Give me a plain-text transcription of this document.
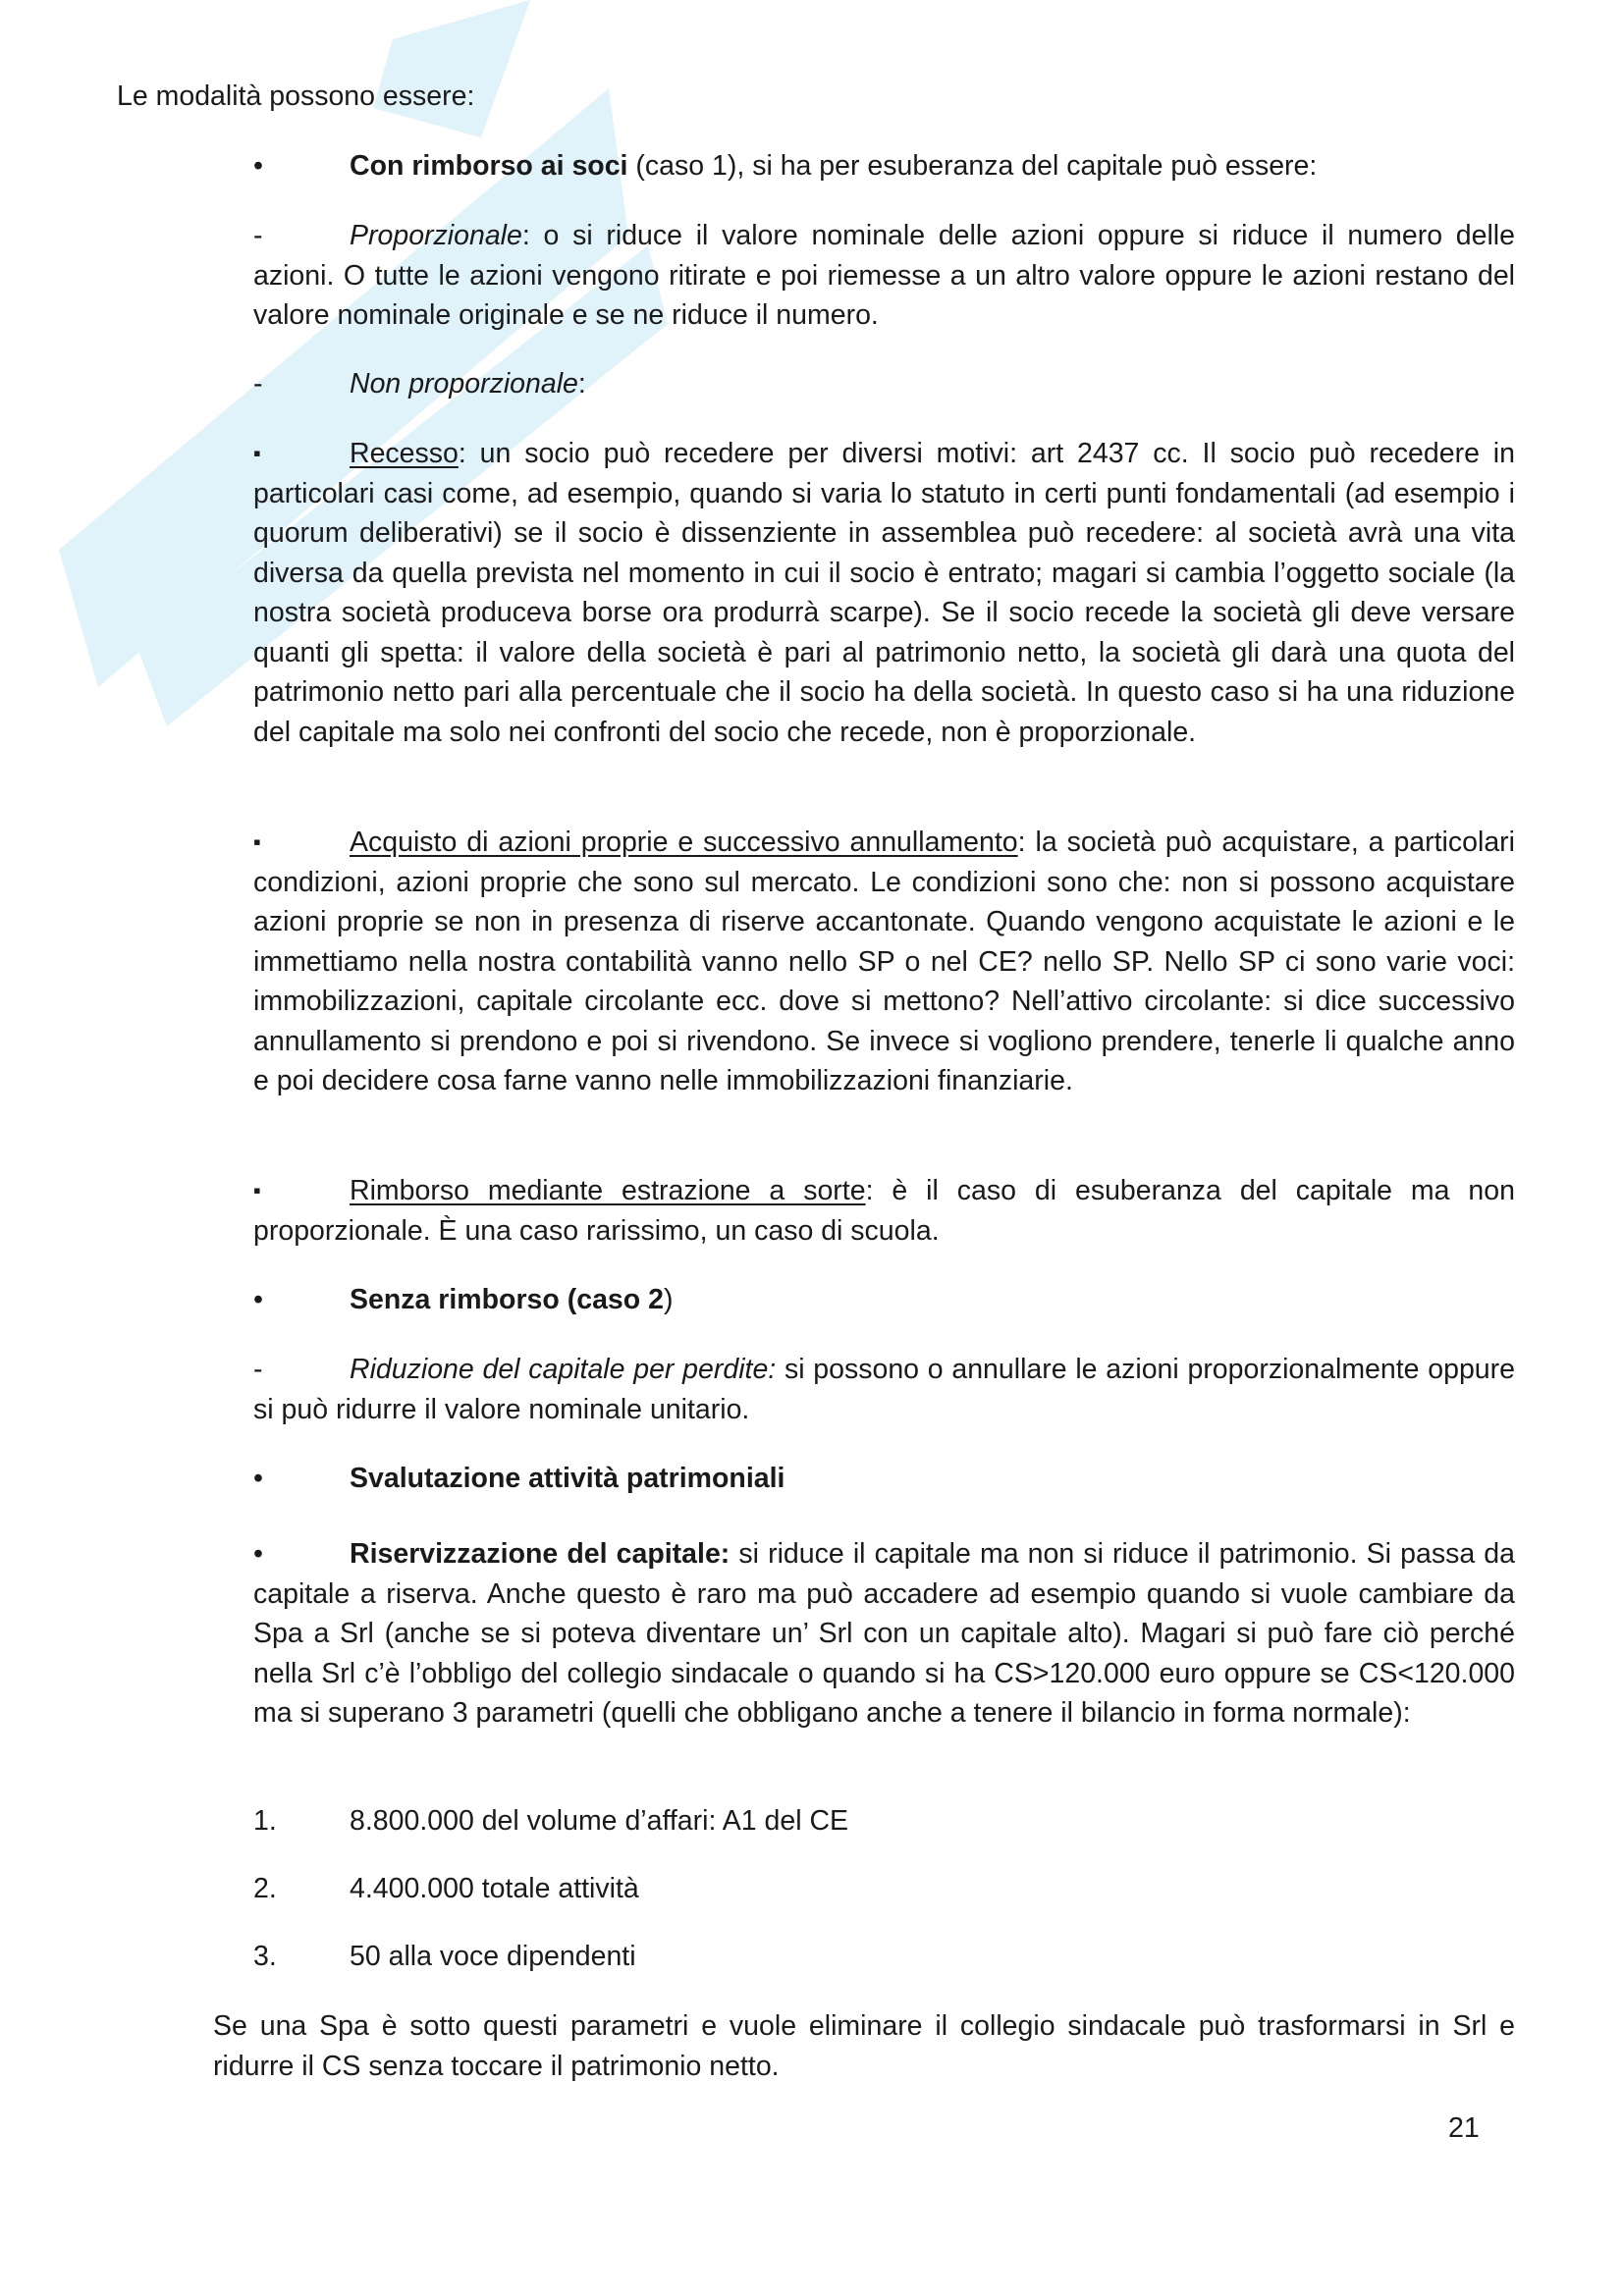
Le modalità possono essere:

•	Con rimborso ai soci (caso 1), si ha per esuberanza del capitale può essere:
-	Proporzionale: o si riduce il valore nominale delle azioni oppure si riduce il numero delle azioni. O tutte le azioni vengono ritirate e poi riemesse a un altro valore oppure le azioni restano del valore nominale originale e se ne riduce il numero.

-	Non proporzionale:
▪	Recesso: un socio può recedere per diversi motivi: art 2437 cc. Il socio può recedere in particolari casi come, ad esempio, quando si varia lo statuto in certi punti fondamentali (ad esempio i quorum deliberativi) se il socio è dissenziente in assemblea può recedere: al società avrà una vita diversa da quella prevista nel momento in cui il socio è entrato; magari si cambia l’oggetto sociale (la nostra società produceva borse ora produrrà scarpe). Se il socio recede la società gli deve versare quanti gli spetta: il valore della società è pari al patrimonio netto, la società gli darà una quota del patrimonio netto pari alla percentuale che il socio ha della società. In questo caso si ha una riduzione del capitale ma solo nei confronti del socio che recede, non è proporzionale.

▪	Acquisto di azioni proprie e successivo annullamento: la società può acquistare, a particolari condizioni, azioni proprie che sono sul mercato. Le condizioni sono che: non si possono acquistare azioni proprie se non in presenza di riserve accantonate. Quando vengono acquistate le azioni e le immettiamo nella nostra contabilità vanno nello SP o nel CE? nello SP. Nello SP ci sono varie voci: immobilizzazioni, capitale circolante ecc. dove si mettono? Nell’attivo circolante: si dice successivo annullamento si prendono e poi si rivendono. Se invece si vogliono prendere, tenerle li qualche anno e poi decidere cosa farne vanno nelle immobilizzazioni finanziarie.

▪	Rimborso mediante estrazione a sorte: è il caso di esuberanza del capitale ma non proporzionale. È una caso rarissimo, un caso di scuola.

•	Senza rimborso (caso 2)
-	Riduzione del capitale per perdite: si possono o annullare le azioni proporzionalmente oppure si può ridurre il valore nominale unitario.

•	Svalutazione attività patrimoniali
•	Riservizzazione del capitale: si riduce il capitale ma non si riduce il patrimonio. Si passa da capitale a riserva. Anche questo è raro ma può accadere ad esempio quando si vuole cambiare da Spa a Srl (anche se si poteva diventare un’ Srl con un capitale alto). Magari si può fare ciò perché nella Srl c’è l’obbligo del collegio sindacale o quando si ha CS>120.000 euro oppure se CS<120.000 ma si superano 3 parametri (quelli che obbligano anche a tenere il bilancio in forma normale):

1.	8.800.000 del volume d’affari: A1 del CE
2.	4.400.000 totale attività
3.	50 alla voce dipendenti

Se una Spa è sotto questi parametri e vuole eliminare il collegio sindacale può trasformarsi in Srl e ridurre il CS senza toccare il patrimonio netto.

21
